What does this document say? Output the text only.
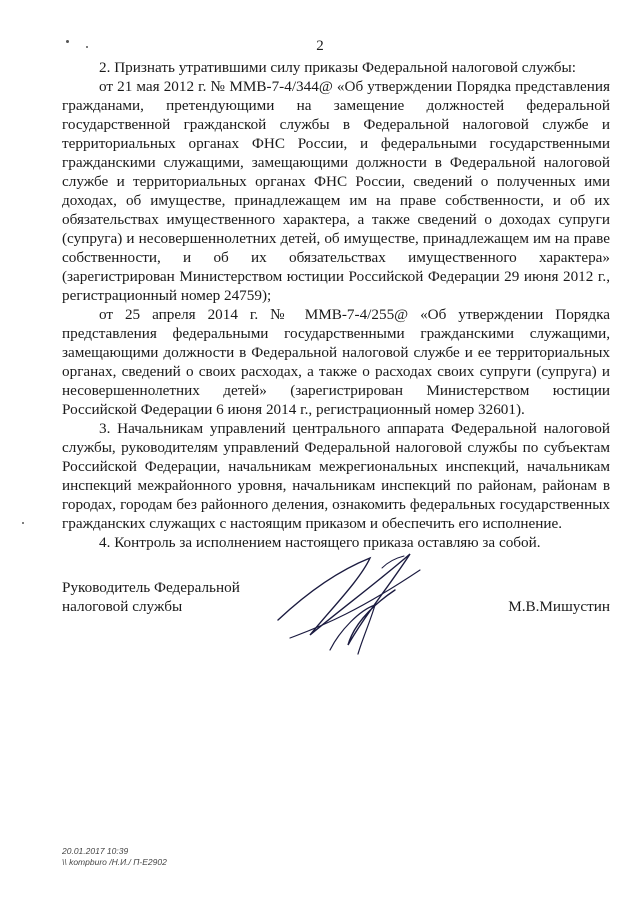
2

2. Признать утратившими силу приказы Федеральной налоговой службы:

от 21 мая 2012 г. № ММВ-7-4/344@ «Об утверждении Порядка представления гражданами, претендующими на замещение должностей федеральной государственной гражданской службы в Федеральной налоговой службе и территориальных органах ФНС России, и федеральными государственными гражданскими служащими, замещающими должности в Федеральной налоговой службе и территориальных органах ФНС России, сведений о полученных ими доходах, об имуществе, принадлежащем им на праве собственности, и об их обязательствах имущественного характера, а также сведений о доходах супруги (супруга) и несовершеннолетних детей, об имуществе, принадлежащем им на праве собственности, и об их обязательствах имущественного характера» (зарегистрирован Министерством юстиции Российской Федерации 29 июня 2012 г., регистрационный номер 24759);

от 25 апреля 2014 г. № ММВ-7-4/255@ «Об утверждении Порядка представления федеральными государственными гражданскими служащими, замещающими должности в Федеральной налоговой службе и ее территориальных органах, сведений о своих расходах, а также о расходах своих супруги (супруга) и несовершеннолетних детей» (зарегистрирован Министерством юстиции Российской Федерации 6 июня 2014 г., регистрационный номер 32601).

3. Начальникам управлений центрального аппарата Федеральной налоговой службы, руководителям управлений Федеральной налоговой службы по субъектам Российской Федерации, начальникам межрегиональных инспекций, начальникам инспекций межрайонного уровня, начальникам инспекций по районам, районам в городах, городам без районного деления, ознакомить федеральных государственных гражданских служащих с настоящим приказом и обеспечить его исполнение.

4. Контроль за исполнением настоящего приказа оставляю за собой.

Руководитель Федеральной
налоговой службы	М.В.Мишустин
20.01.2017 10:39
\\ kompburo /Н.И./ П-Е2902
